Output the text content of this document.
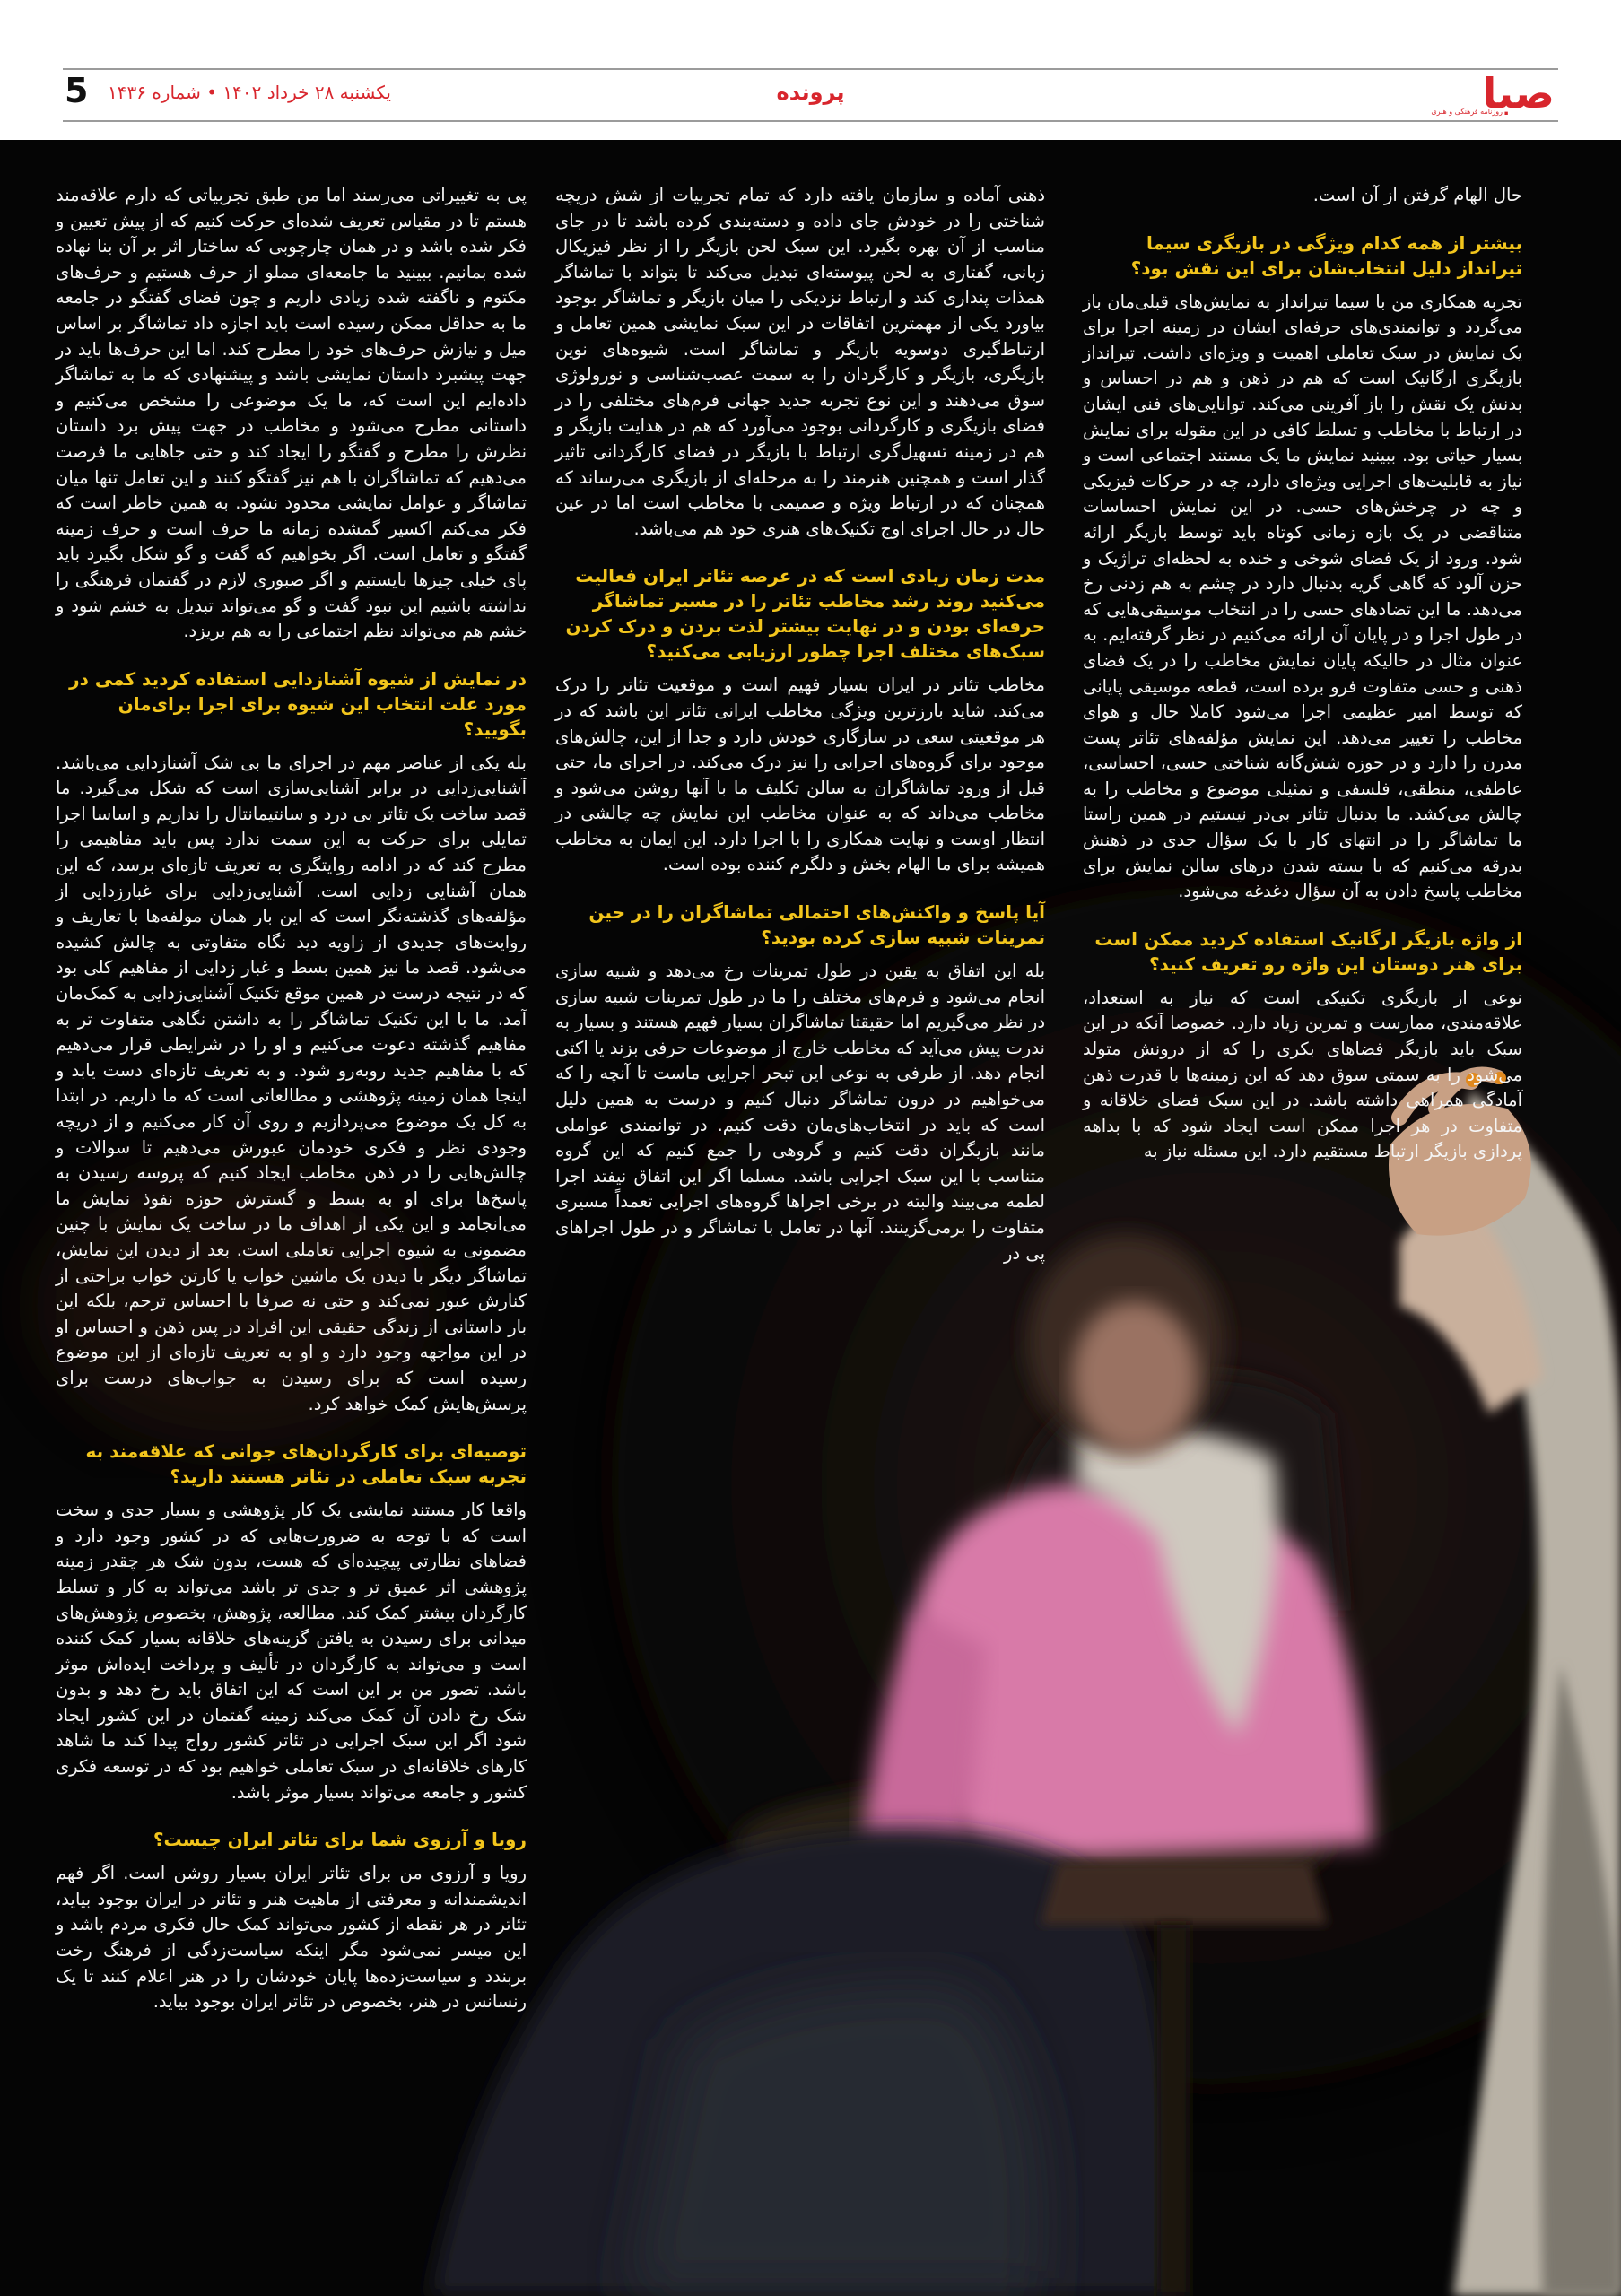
صبا
روزنامه فرهنگی و هنری
پرونده
یکشنبه ۲۸ خرداد ۱۴۰۲ • شماره ۱۴۳۶
5

حال الهام گرفتن از آن است.

بیشتر از همه کدام ویژگی در بازیگری سیما تیرانداز دلیل انتخاب‌شان برای این نقش بود؟

تجربه همکاری من با سیما تیرانداز به نمایش‌های قبلی‌مان باز می‌گردد و توانمندی‌های حرفه‌ای ایشان در زمینه اجرا برای یک نمایش در سبک تعاملی اهمیت و ویژه‌ای داشت. تیرانداز بازیگری ارگانیک است که هم در ذهن و هم در احساس و بدنش یک نقش را باز آفرینی می‌کند. توانایی‌های فنی ایشان در ارتباط با مخاطب و تسلط کافی در این مقوله برای نمایش بسیار حیاتی بود. ببینید نمایش ما یک مستند اجتماعی است و نیاز به قابلیت‌های اجرایی ویژه‌ای دارد، چه در حرکات فیزیکی و چه در چرخش‌های حسی. در این نمایش احساسات متناقضی در یک بازه زمانی کوتاه باید توسط بازیگر ارائه شود. ورود از یک فضای شوخی و خنده به لحظه‌ای تراژیک و حزن آلود که گاهی گریه بدنبال دارد در چشم به هم زدنی رخ می‌دهد. ما این تضادهای حسی را در انتخاب موسیقی‌هایی که در طول اجرا و در پایان آن ارائه می‌کنیم در نظر گرفته‌ایم. به عنوان مثال در حالیکه پایان نمایش مخاطب را در یک فضای ذهنی و حسی متفاوت فرو برده است، قطعه موسیقی پایانی که توسط امیر عظیمی اجرا می‌شود کاملا حال و هوای مخاطب را تغییر می‌دهد. این نمایش مؤلفه‌های تئاتر پست مدرن را دارد و در حوزه شش‌گانه شناختی حسی، احساسی، عاطفی، منطقی، فلسفی و تمثیلی موضوع و مخاطب را به چالش می‌کشد. ما بدنبال تئاتر بی‌در نیستیم در همین راستا ما تماشاگر را در انتهای کار با یک سؤال جدی در ذهنش بدرقه می‌کنیم که با بسته شدن درهای سالن نمایش برای مخاطب پاسخ دادن به آن سؤال دغدغه می‌شود.

از واژه بازیگر ارگانیک استفاده کردید ممکن است برای هنر دوستان این واژه رو تعریف کنید؟

نوعی از بازیگری تکنیکی است که نیاز به استعداد، علاقه‌مندی، ممارست و تمرین زیاد دارد. خصوصا آنکه در این سبک باید بازیگر فضاهای بکری را که از درونش متولد می‌شود را به سمتی سوق دهد که این زمینه‌ها با قدرت ذهن آمادگی همراهی داشته باشد. در این سبک فضای خلاقانه و متفاوت در هر اجرا ممکن است ایجاد شود که با بداهه پردازی بازیگر ارتباط مستقیم دارد. این مسئله نیاز به

ذهنی آماده و سازمان یافته دارد که تمام تجربیات از شش دریچه شناختی را در خودش جای داده و دسته‌بندی کرده باشد تا در جای مناسب از آن بهره بگیرد. این سبک لحن بازیگر را از نظر فیزیکال زبانی، گفتاری به لحن پیوسته‌ای تبدیل می‌کند تا بتواند با تماشاگر همذات پنداری کند و ارتباط نزدیکی را میان بازیگر و تماشاگر بوجود بیاورد یکی از مهمترین اتفاقات در این سبک نمایشی همین تعامل و ارتباط‌گیری دوسویه بازیگر و تماشاگر است. شیوه‌های نوین بازیگری، بازیگر و کارگردان را به سمت عصب‌شناسی و نورولوژی سوق می‌دهند و این نوع تجربه جدید جهانی فرم‌های مختلفی را در فضای بازیگری و کارگردانی بوجود می‌آورد که هم در هدایت بازیگر و هم در زمینه تسهیل‌گری ارتباط با بازیگر در فضای کارگردانی تاثیر گذار است و همچنین هنرمند را به مرحله‌ای از بازیگری می‌رساند که همچنان که در ارتباط ویژه و صمیمی با مخاطب است اما در عین حال در حال اجرای اوج تکنیک‌های هنری خود هم می‌باشد.

مدت زمان زیادی است که در عرصه تئاتر ایران فعالیت می‌کنید روند رشد مخاطب تئاتر را در مسیر تماشاگر حرفه‌ای بودن و در نهایت بیشتر لذت بردن و درک کردن سبک‌های مختلف اجرا چطور ارزیابی می‌کنید؟

مخاطب تئاتر در ایران بسیار فهیم است و موقعیت تئاتر را درک می‌کند. شاید بارزترین ویژگی مخاطب ایرانی تئاتر این باشد که در هر موقعیتی سعی در سازگاری خودش دارد و جدا از این، چالش‌های موجود برای گروه‌های اجرایی را نیز درک می‌کند. در اجرای ما، حتی قبل از ورود تماشاگران به سالن تکلیف ما با آنها روشن می‌شود و مخاطب می‌داند که به عنوان مخاطب این نمایش چه چالشی در انتظار اوست و نهایت همکاری را با اجرا دارد. این ایمان به مخاطب همیشه برای ما الهام بخش و دلگرم کننده بوده است.

آیا پاسخ و واکنش‌های احتمالی تماشاگران را در حین تمرینات شبیه سازی کرده بودید؟

بله این اتفاق به یقین در طول تمرینات رخ می‌دهد و شبیه سازی انجام می‌شود و فرم‌های مختلف را ما در طول تمرینات شبیه سازی در نظر می‌گیریم اما حقیقتا تماشاگران بسیار فهیم هستند و بسیار به ندرت پیش می‌آید که مخاطب خارج از موضوعات حرفی بزند یا اکتی انجام دهد. از طرفی به نوعی این تبحر اجرایی ماست تا آنچه را که می‌خواهیم در درون تماشاگر دنبال کنیم و درست به همین دلیل است که باید در انتخاب‌های‌مان دقت کنیم. در توانمندی عواملی مانند بازیگران دقت کنیم و گروهی را جمع کنیم که این گروه متناسب با این سبک اجرایی باشد. مسلما اگر این اتفاق نیفتد اجرا لطمه می‌بیند والبته در برخی اجراها گروه‌های اجرایی تعمداً مسیری متفاوت را برمی‌گزینند. آنها در تعامل با تماشاگر و در طول اجراهای پی در

پی به تغییراتی می‌رسند اما من طبق تجربیاتی که دارم علاقه‌مند هستم تا در مقیاس تعریف شده‌ای حرکت کنیم که از پیش تعیین و فکر شده باشد و در همان چارچوبی که ساختار اثر بر آن بنا نهاده شده بمانیم. ببینید ما جامعه‌ای مملو از حرف هستیم و حرف‌های مکتوم و ناگفته شده زیادی داریم و چون فضای گفتگو در جامعه ما به حداقل ممکن رسیده است باید اجازه داد تماشاگر بر اساس میل و نیازش حرف‌های خود را مطرح کند. اما این حرف‌ها باید در جهت پیشبرد داستان نمایشی باشد و پیشنهادی که ما به تماشاگر داده‌ایم این است که، ما یک موضوعی را مشخص می‌کنیم و داستانی مطرح می‌شود و مخاطب در جهت پیش برد داستان نظرش را مطرح و گفتگو را ایجاد کند و حتی جاهایی ما فرصت می‌دهیم که تماشاگران با هم نیز گفتگو کنند و این تعامل تنها میان تماشاگر و عوامل نمایشی محدود نشود. به همین خاطر است که فکر می‌کنم اکسیر گمشده زمانه ما حرف است و حرف زمینه گفتگو و تعامل است. اگر بخواهیم که گفت و گو شکل بگیرد باید پای خیلی چیزها بایستیم و اگر صبوری لازم در گفتمان فرهنگی را نداشته باشیم این نبود گفت و گو می‌تواند تبدیل به خشم شود و خشم هم می‌تواند نظم اجتماعی را به هم بریزد.

در نمایش از شیوه آشنازدایی استفاده کردید کمی در مورد علت انتخاب این شیوه برای اجرا برای‌مان بگویید؟

بله یکی از عناصر مهم در اجرای ما بی شک آشنازدایی می‌باشد. آشنایی‌زدایی در برابر آشنایی‌سازی است که شکل می‌گیرد. ما قصد ساخت یک تئاتر بی درد و سانتیمانتال را نداریم و اساسا اجرا تمایلی برای حرکت به این سمت ندارد پس باید مفاهیمی را مطرح کند که در ادامه روایتگری به تعریف تازه‌ای برسد، که این همان آشنایی زدایی است. آشنایی‌زدایی برای غبارزدایی از مؤلفه‌های گذشته‌نگر است که این بار همان مولفه‌ها با تعاریف و روایت‌های جدیدی از زاویه دید نگاه متفاوتی به چالش کشیده می‌شود. قصد ما نیز همین بسط و غبار زدایی از مفاهیم کلی بود که در نتیجه درست در همین موقع تکنیک آشنایی‌زدایی به کمک‌مان آمد. ما با این تکنیک تماشاگر را به داشتن نگاهی متفاوت تر به مفاهیم گذشته دعوت می‌کنیم و او را در شرایطی قرار می‌دهیم که با مفاهیم جدید روبه‌رو شود. و به تعریف تازه‌ای دست یابد و اینجا همان زمینه پژوهشی و مطالعاتی است که ما داریم. در ابتدا به کل یک موضوع می‌پردازیم و روی آن کار می‌کنیم و از دریچه وجودی نظر و فکری خودمان عبورش می‌دهیم تا سوالات و چالش‌هایی را در ذهن مخاطب ایجاد کنیم که پروسه رسیدن به پاسخ‌ها برای او به بسط و گسترش حوزه نفوذ نمایش ما می‌انجامد و این یکی از اهداف ما در ساخت یک نمایش با چنین مضمونی به شیوه اجرایی تعاملی است. بعد از دیدن این نمایش، تماشاگر دیگر با دیدن یک ماشین خواب یا کارتن خواب براحتی از کنارش عبور نمی‌کند و حتی نه صرفا با احساس ترحم، بلکه این بار داستانی از زندگی حقیقی این افراد در پس ذهن و احساس او در این مواجهه وجود دارد و او به تعریف تازه‌ای از این موضوع رسیده است که برای رسیدن به جواب‌های درست برای پرسش‌هایش کمک خواهد کرد.

توصیه‌ای برای کارگردان‌های جوانی که علاقه‌مند به تجربه سبک تعاملی در تئاتر هستند دارید؟

واقعا کار مستند نمایشی یک کار پژوهشی و بسیار جدی و سخت است که با توجه به ضرورت‌هایی که در کشور وجود دارد و فضاهای نظارتی پیچیده‌ای که هست، بدون شک هر چقدر زمینه پژوهشی اثر عمیق تر و جدی تر باشد می‌تواند به کار و تسلط کارگردان بیشتر کمک کند. مطالعه، پژوهش، بخصوص پژوهش‌های میدانی برای رسیدن به یافتن گزینه‌های خلاقانه بسیار کمک کننده است و می‌تواند به کارگردان در تألیف و پرداخت ایده‌اش موثر باشد. تصور من بر این است که این اتفاق باید رخ دهد و بدون شک رخ دادن آن کمک می‌کند زمینه گفتمان در این کشور ایجاد شود اگر این سبک اجرایی در تئاتر کشور رواج پیدا کند ما شاهد کارهای خلاقانه‌ای در سبک تعاملی خواهیم بود که در توسعه فکری کشور و جامعه می‌تواند بسیار موثر باشد.

رویا و آرزوی شما برای تئاتر ایران چیست؟

رویا و آرزوی من برای تئاتر ایران بسیار روشن است. اگر فهم اندیشمندانه و معرفتی از ماهیت هنر و تئاتر در ایران بوجود بیاید، تئاتر در هر نقطه از کشور می‌تواند کمک حال فکری مردم باشد و این میسر نمی‌شود مگر اینکه سیاست‌زدگی از فرهنگ رخت بربندد و سیاست‌زده‌ها پایان خودشان را در هنر اعلام کنند تا یک رنسانس در هنر، بخصوص در تئاتر ایران بوجود بیاید.
